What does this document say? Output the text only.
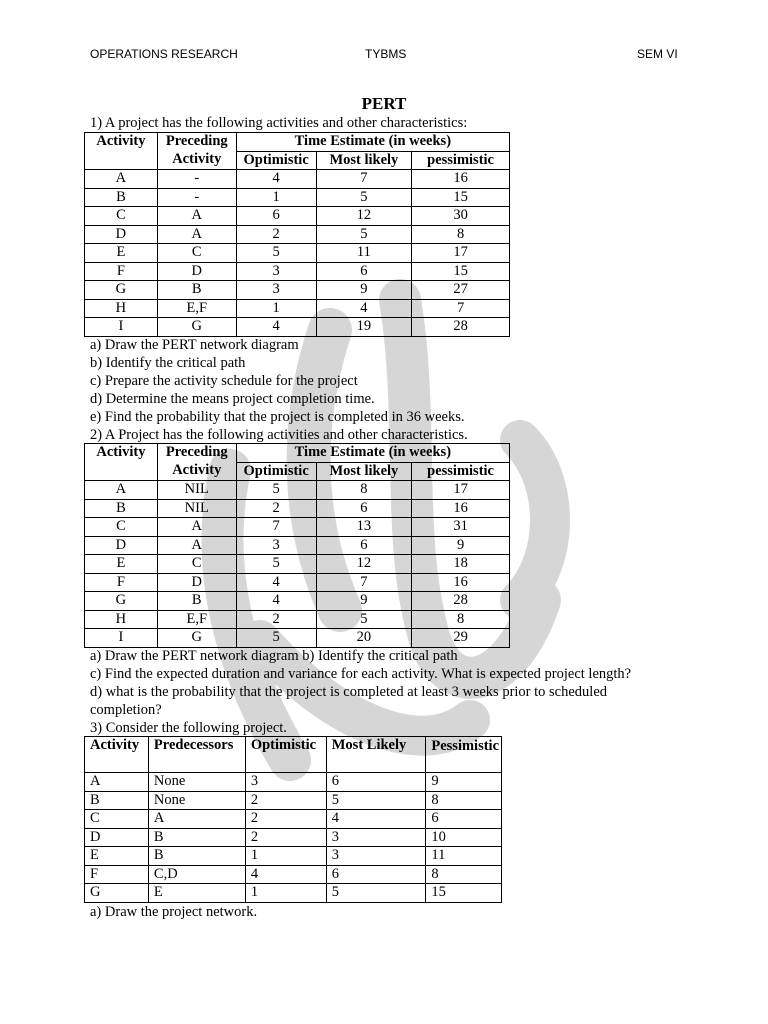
OPERATIONS RESEARCH	TYBMS	SEM VI
PERT
1) A project has the following activities and other characteristics:
Activity	Preceding	Time Estimate (in weeks)		
	Activity	Optimistic	Most likely	pessimistic
A	-	4	7	16
B	-	1	5	15
C	A	6	12	30
D	A	2	5	8
E	C	5	11	17
F	D	3	6	15
G	B	3	9	27
H	E,F	1	4	7
I	G	4	19	28
a) Draw the PERT network diagram
b) Identify the critical path
c) Prepare the activity schedule for the project
d) Determine the means project completion time.
e) Find the probability that the project is completed in 36 weeks.
2) A Project has the following activities and other characteristics.
Activity	Preceding	Time Estimate (in weeks)		
	Activity	Optimistic	Most likely	pessimistic
A	NIL	5	8	17
B	NIL	2	6	16
C	A	7	13	31
D	A	3	6	9
E	C	5	12	18
F	D	4	7	16
G	B	4	9	28
H	E,F	2	5	8
I	G	5	20	29
a) Draw the PERT network diagram b) Identify the critical path
c) Find the expected duration and variance for each activity. What is expected project length?
d) what is the probability that the project is completed at least 3 weeks prior to scheduled
completion?
3) Consider the following project.
Activity	Predecessors	Optimistic	Most Likely	Pessimistic
A	None	3	6	9
B	None	2	5	8
C	A	2	4	6
D	B	2	3	10
E	B	1	3	11
F	C,D	4	6	8
G	E	1	5	15
a) Draw the project network.
